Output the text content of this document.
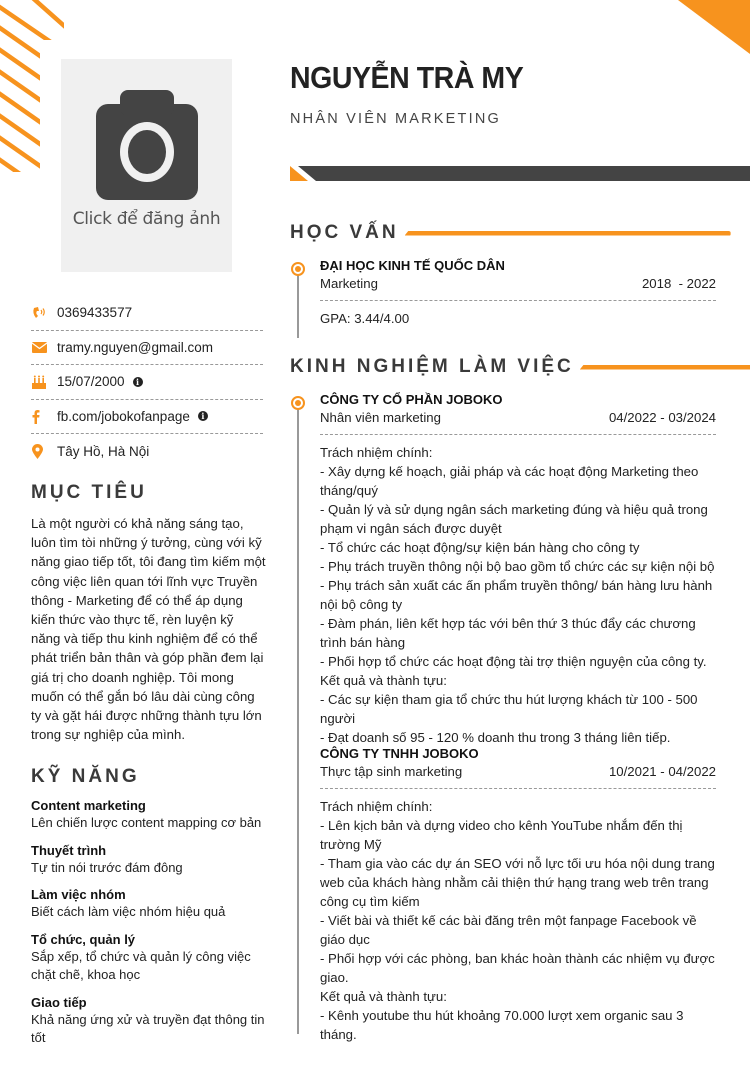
Click để đăng ảnh
0369433577
tramy.nguyen@gmail.com
15/07/2000	i
fb.com/jobokofanpage	i
Tây Hồ, Hà Nội
MỤC TIÊU

Là một người có khả năng sáng tạo, luôn tìm tòi những ý tưởng, cùng với kỹ năng giao tiếp tốt, tôi đang tìm kiếm một công việc liên quan tới lĩnh vực Truyền thông - Marketing để có thể áp dụng kiến thức vào thực tế, rèn luyện kỹ năng và tiếp thu kinh nghiệm để có thể phát triển bản thân và góp phần đem lại giá trị cho doanh nghiệp. Tôi mong muốn có thể gắn bó lâu dài cùng công ty và gặt hái được những thành tựu lớn trong sự nghiệp của mình.

KỸ NĂNG
Content marketing
Lên chiến lược content mapping cơ bản
Thuyết trình
Tự tin nói trước đám đông
Làm việc nhóm
Biết cách làm việc nhóm hiệu quả
Tổ chức, quản lý
Sắp xếp, tổ chức và quản lý công việc chặt chẽ, khoa học
Giao tiếp
Khả năng ứng xử và truyền đạt thông tin tốt
NGUYỄN TRÀ MY
NHÂN VIÊN MARKETING
HỌC VẤN
ĐẠI HỌC KINH TẾ QUỐC DÂN
Marketing	2018  - 2022
GPA: 3.44/4.00
KINH NGHIỆM LÀM VIỆC
CÔNG TY CỔ PHẦN JOBOKO
Nhân viên marketing	04/2022 - 03/2024
Trách nhiệm chính:
- Xây dựng kế hoạch, giải pháp và các hoạt động Marketing theo tháng/quý
- Quản lý và sử dụng ngân sách marketing đúng và hiệu quả trong phạm vi ngân sách được duyệt
- Tổ chức các hoạt động/sự kiện bán hàng cho công ty
- Phụ trách truyền thông nội bộ bao gồm tổ chức các sự kiện nội bộ
- Phụ trách sản xuất các ấn phẩm truyền thông/ bán hàng lưu hành nội bộ công ty
- Đàm phán, liên kết hợp tác với bên thứ 3 thúc đẩy các chương trình bán hàng
- Phối hợp tổ chức các hoạt động tài trợ thiện nguyện của công ty.
Kết quả và thành tựu:
- Các sự kiện tham gia tổ chức thu hút lượng khách từ 100 - 500 người
- Đạt doanh số 95 - 120 % doanh thu trong 3 tháng liên tiếp.
CÔNG TY TNHH JOBOKO
Thực tập sinh marketing	10/2021 - 04/2022
Trách nhiệm chính:
- Lên kịch bản và dựng video cho kênh YouTube nhắm đến thị trường Mỹ
- Tham gia vào các dự án SEO với nỗ lực tối ưu hóa nội dung trang web của khách hàng nhằm cải thiện thứ hạng trang web trên trang công cụ tìm kiếm
- Viết bài và thiết kế các bài đăng trên một fanpage Facebook về giáo dục
- Phối hợp với các phòng, ban khác hoàn thành các nhiệm vụ được giao.
Kết quả và thành tựu:
- Kênh youtube thu hút khoảng 70.000 lượt xem organic sau 3 tháng.
